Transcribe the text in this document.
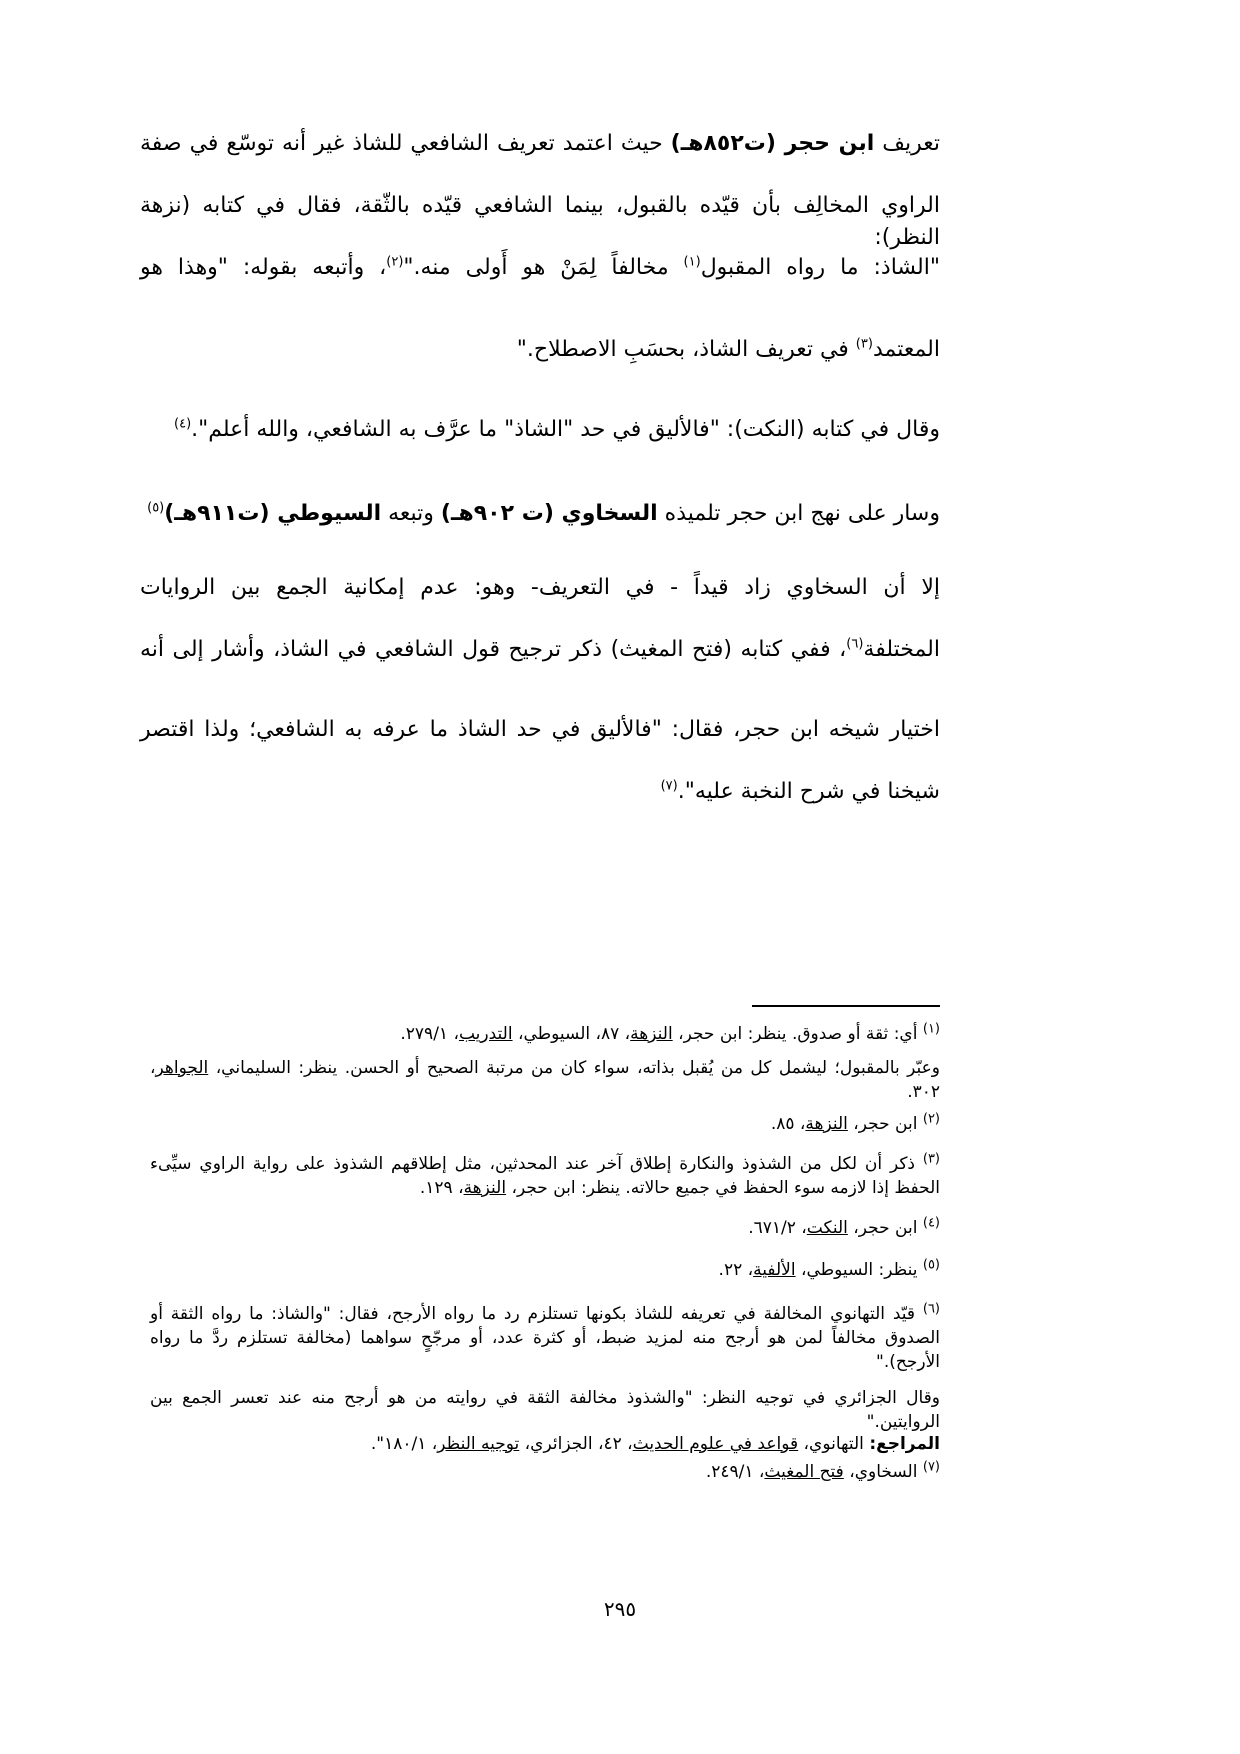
تعريف ابن حجر (ت٨٥٢هـ) حيث اعتمد تعريف الشافعي للشاذ غير أنه توسّع في صفة

الراوي المخالِف بأن قيّده بالقبول، بينما الشافعي قيّده بالثّقة، فقال في كتابه (نزهة النظر):

"الشاذ: ما رواه المقبول$^{(١)}$ مخالفاً لِمَنْ هو أَولى منه."$^{(٢)}$، وأتبعه بقوله: "وهذا هو

المعتمد$^{(٣)}$ في تعريف الشاذ، بحسَبِ الاصطلاح."

وقال في كتابه (النكت): "فالأليق في حد "الشاذ" ما عرَّف به الشافعي، والله أعلم".$^{(٤)}$

وسار على نهج ابن حجر تلميذه السخاوي (ت ٩٠٢هـ) وتبعه السيوطي (ت٩١١هـ)$^{(٥)}$

إلا أن السخاوي زاد قيداً - في التعريف- وهو: عدم إمكانية الجمع بين الروايات

المختلفة$^{(٦)}$، ففي كتابه (فتح المغيث) ذكر ترجيح قول الشافعي في الشاذ، وأشار إلى أنه

اختيار شيخه ابن حجر، فقال: "فالأليق في حد الشاذ ما عرفه به الشافعي؛ ولذا اقتصر

شيخنا في شرح النخبة عليه".$^{(٧)}$

$^{(١)}$ أي: ثقة أو صدوق. ينظر: ابن حجر، النزهة، ٨٧، السيوطي، التدريب، ٢٧٩/١.

وعبّر بالمقبول؛ ليشمل كل من يُقبل بذاته، سواء كان من مرتبة الصحيح أو الحسن. ينظر: السليماني، الجواهر، ٣٠٢.

$^{(٢)}$ ابن حجر، النزهة، ٨٥.

$^{(٣)}$ ذكر أن لكل من الشذوذ والنكارة إطلاق آخر عند المحدثين، مثل إطلاقهم الشذوذ على رواية الراوي سيِّىء الحفظ إذا لازمه سوء الحفظ في جميع حالاته. ينظر: ابن حجر، النزهة، ١٢٩.

$^{(٤)}$ ابن حجر، النكت، ٦٧١/٢.

$^{(٥)}$ ينظر: السيوطي، الألفية، ٢٢.

$^{(٦)}$ قيّد التهانوي المخالفة في تعريفه للشاذ بكونها تستلزم رد ما رواه الأرجح، فقال: "والشاذ: ما رواه الثقة أو الصدوق مخالفاً لمن هو أرجح منه لمزيد ضبط، أو كثرة عدد، أو مرجّحٍ سواهما (مخالفة تستلزم ردَّ ما رواه الأرجح)."

وقال الجزائري في توجيه النظر: "والشذوذ مخالفة الثقة في روايته من هو أرجح منه عند تعسر الجمع بين الروايتين."

المراجع: التهانوي، قواعد في علوم الحديث، ٤٢، الجزائري، توجيه النظر، ١٨٠/١".

$^{(٧)}$ السخاوي، فتح المغيث، ٢٤٩/١.

٢٩٥
